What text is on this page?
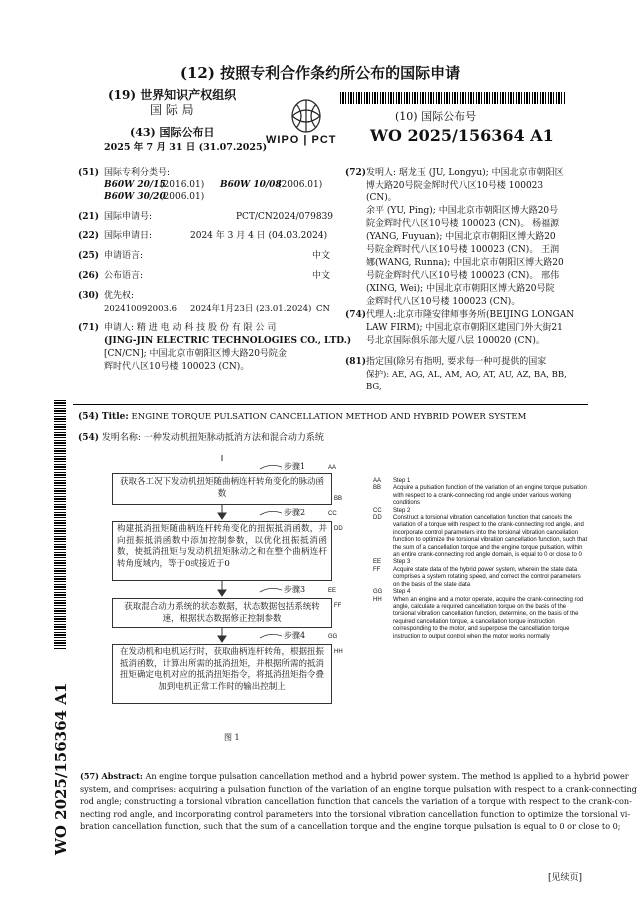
(12) 按照专利合作条约所公布的国际申请
(19) 世界知识产权组织
国 际 局
(43) 国际公布日
2025 年 7 月 31 日 (31.07.2025)
WIPO | PCT
(10) 国际公布号
WO 2025/156364 A1
(51) 国际专利分类号:
B60W 20/15
(2016.01) B60W 10/08
(2006.01)
B60W 30/20
(2006.01)
(21) 国际申请号:	PCT/CN2024/079839
(22) 国际申请日:	2024 年 3 月 4 日 (04.03.2024)
(25) 申请语言:	中文
(26) 公布语言:	中文
(30) 优先权:
202410092003.6 2024年1月23日 (23.01.2024) CN
(71) 申请人: 精 进 电 动 科 技 股 份 有 限 公 司
(JING-JIN ELECTRIC TECHNOLOGIES CO., LTD.)
[CN/CN]; 中国北京市朝阳区博大路20号院金
辉时代八区10号楼 100023 (CN)。
(72) 发明人: 琚龙玉 (JU, Longyu); 中国北京市朝阳区
博大路20号院金辉时代八区10号楼 100023 (CN)。
余平 (YU, Ping); 中国北京市朝阳区博大路20号
院金辉时代八区10号楼 100023 (CN)。 杨福源
(YANG, Fuyuan); 中国北京市朝阳区博大路20
号院金辉时代八区10号楼 100023 (CN)。 王润
娜(WANG, Runna); 中国北京市朝阳区博大路20
号院金辉时代八区10号楼 100023 (CN)。 邢伟
(XING, Wei); 中国北京市朝阳区博大路20号院
金辉时代八区10号楼 100023 (CN)。
(74) 代理人:北京市隆安律师事务所(BEIJING LONGAN
LAW FIRM); 中国北京市朝阳区建国门外大街21
号北京国际俱乐部大厦八层 100020 (CN)。
(81) 指定国(除另有指明, 要求每一种可提供的国家
保护): AE, AG, AL, AM, AO, AT, AU, AZ, BA, BB, BG,
(54) Title: ENGINE TORQUE PULSATION CANCELLATION METHOD AND HYBRID POWER SYSTEM
(54) 发明名称: 一种发动机扭矩脉动抵消方法和混合动力系统
步骤1	AA
获取各工况下发动机扭矩随曲柄连杆转角变化的脉动函数	BB
步骤2	CC
构建抵消扭矩随曲柄连杆转角变化的扭振抵消函数，并向扭振抵消函数中添加控制参数，以优化扭振抵消函数，使抵消扭矩与发动机扭矩脉动之和在整个曲柄连杆转角度域内，等于0或接近于0
DD
步骤3	EE
获取混合动力系统的状态数据，状态数据包括系统转速，根据状态数据修正控制参数
FF
步骤4	GG
在发动机和电机运行时，获取曲柄连杆转角，根据扭振抵消函数，计算出所需的抵消扭矩，并根据所需的抵消扭矩确定电机对应的抵消扭矩指令，将抵消扭矩指令叠加到电机正常工作时的输出控制上
HH
图 1
AA	Step 1
BB	Acquire a pulsation function of the variation of an engine torque pulsation with respect to a crank-connecting rod angle under various working conditions
CC	Step 2
DD	Construct a torsional vibration cancellation function that cancels the variation of a torque with respect to the crank-connecting rod angle, and incorporate control parameters into the torsional vibration cancellation function to optimize the torsional vibration cancellation function, such that the sum of a cancellation torque and the engine torque pulsation, within an entire crank-connecting rod angle domain, is equal to 0 or close to 0
EE	Step 3
FF	Acquire state data of the hybrid power system, wherein the state data comprises a system rotating speed, and correct the control parameters on the basis of the state data
GG	Step 4
HH	When an engine and a motor operate, acquire the crank-connecting rod angle, calculate a required cancellation torque on the basis of the torsional vibration cancellation function, determine, on the basis of the required cancellation torque, a cancellation torque instruction corresponding to the motor, and superpose the cancellation torque instruction to output control when the motor works normally
(57) Abstract: An engine torque pulsation cancellation method and a hybrid power system. The method is applied to a hybrid power
system, and comprises: acquiring a pulsation function of the variation of an engine torque pulsation with respect to a crank-connecting
rod angle; constructing a torsional vibration cancellation function that cancels the variation of a torque with respect to the crank-con-
necting rod angle, and incorporating control parameters into the torsional vibration cancellation function to optimize the torsional vi-
bration cancellation function, such that the sum of a cancellation torque and the engine torque pulsation is equal to 0 or close to 0;
WO 2025/156364 A1
[见续页]
